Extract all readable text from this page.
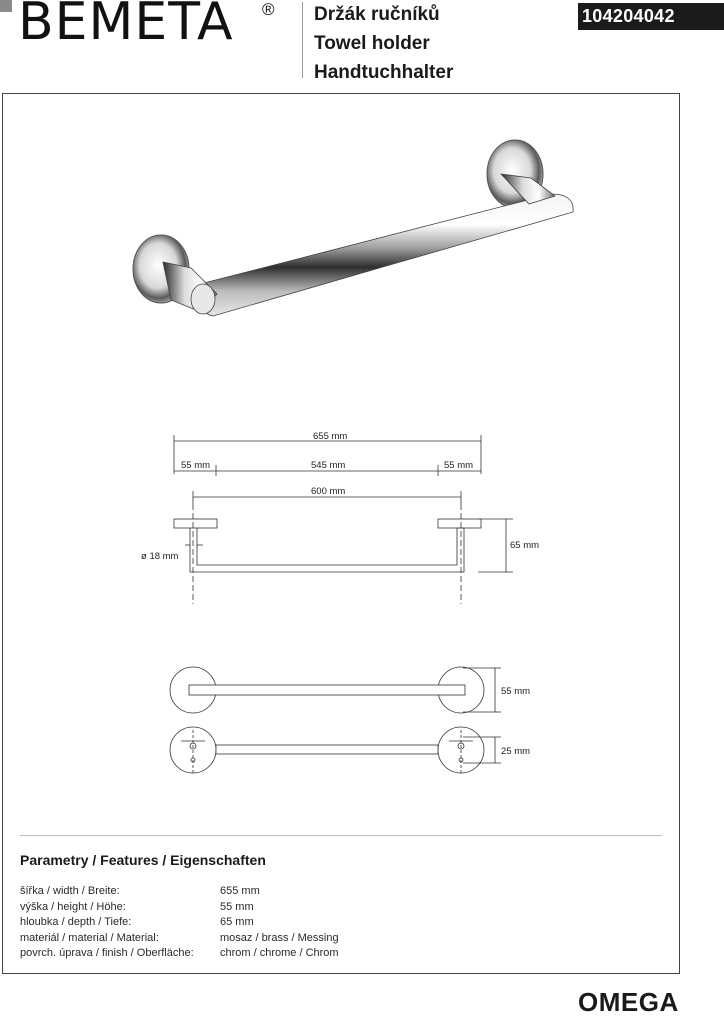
BEMETA ® Držák ručníků
Towel holder
Handtuchhalter
104204042
655 mm
55 mm	545 mm	55 mm
600 mm
ø 18 mm
65 mm
55 mm
25 mm
Parametry / Features / Eigenschaften
šířka / width / Breite:	655 mm
výška / height / Höhe:	55 mm
hloubka / depth / Tiefe:	65 mm
materiál / material / Material:	mosaz / brass / Messing
povrch. úprava / finish / Oberfläche:	chrom / chrome / Chrom
OMEGA
